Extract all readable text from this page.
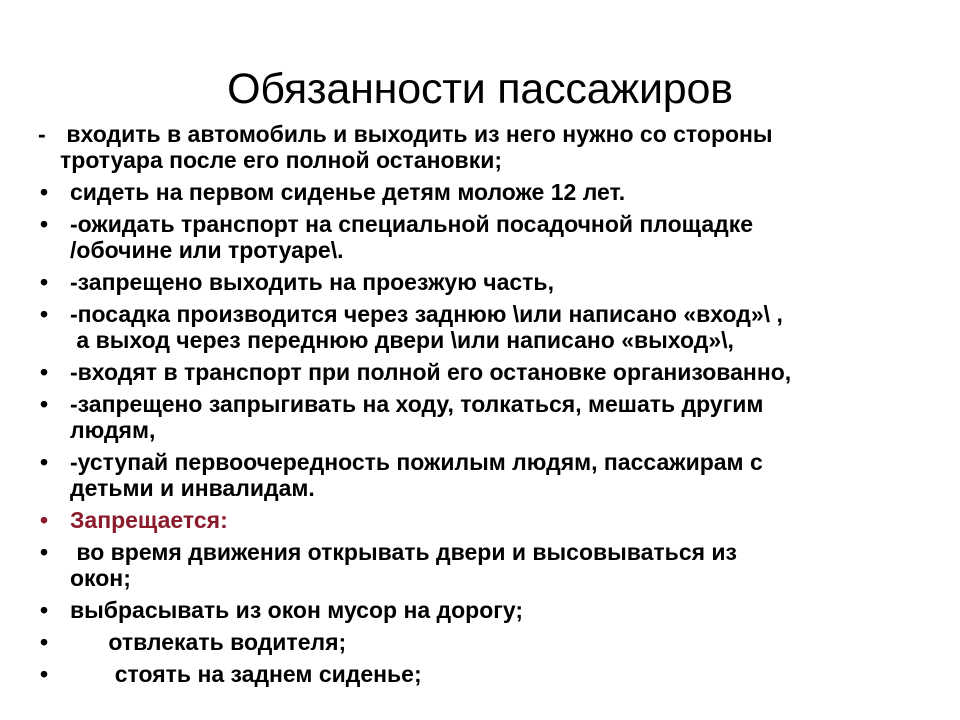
Обязанности пассажиров
- входить в автомобиль и выходить из него нужно со стороны
тротуара после его полной остановки;
• сидеть на первом сиденье детям моложе 12 лет.
• -ожидать транспорт на специальной посадочной площадке
/обочине или тротуаре\.
• -запрещено выходить на проезжую часть,
• -посадка производится через заднюю \или написано «вход»\ ,
а выход через переднюю двери \или написано «выход»\,
• -входят в транспорт при полной его остановке организованно,
• -запрещено запрыгивать на ходу, толкаться, мешать другим
людям,
• -уступай первоочередность пожилым людям, пассажирам с
детьми и инвалидам.
• Запрещается:
•	во время движения открывать двери и высовываться из
окон;
• выбрасывать из окон мусор на дорогу;
• отвлекать водителя;
• стоять на заднем сиденье;
